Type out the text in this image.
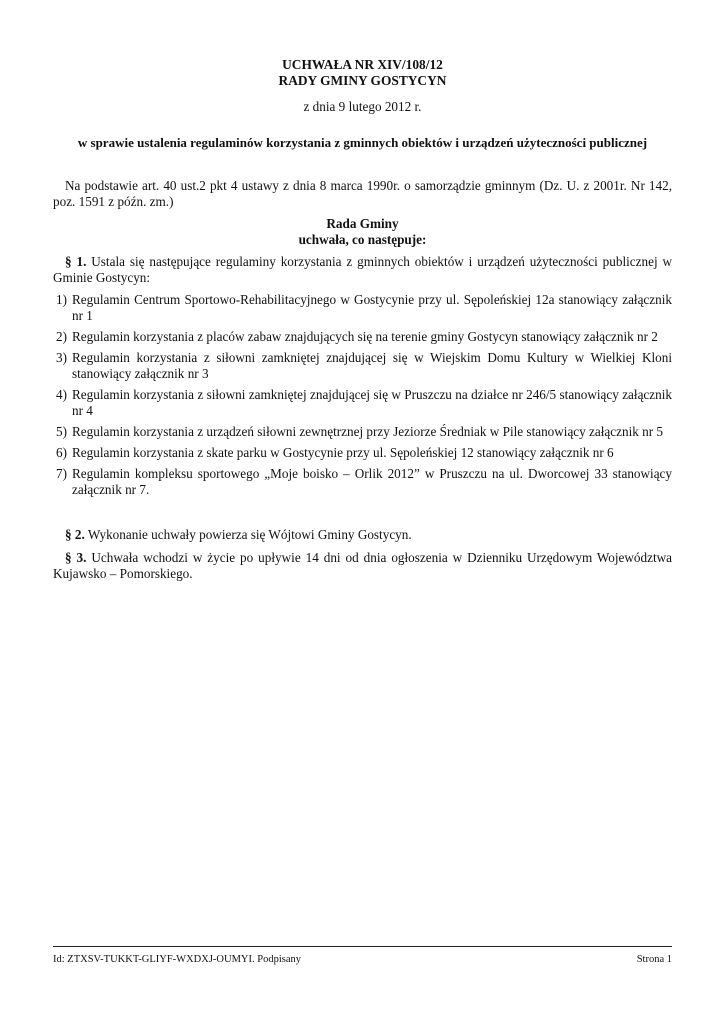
UCHWAŁA NR XIV/108/12
RADY GMINY GOSTYCYN
z dnia 9 lutego 2012 r.
w sprawie ustalenia regulaminów korzystania z gminnych obiektów i urządzeń użyteczności publicznej
Na podstawie art. 40 ust.2 pkt 4 ustawy z dnia 8 marca 1990r. o samorządzie gminnym (Dz. U. z 2001r. Nr 142, poz. 1591 z późn. zm.)
Rada Gminy
uchwała, co następuje:
§ 1. Ustala się następujące regulaminy korzystania z gminnych obiektów i urządzeń użyteczności publicznej w Gminie Gostycyn:
1) Regulamin Centrum Sportowo-Rehabilitacyjnego w Gostycynie przy ul. Sępoleńskiej 12a stanowiący załącznik nr 1
2) Regulamin korzystania z placów zabaw znajdujących się na terenie gminy Gostycyn stanowiący załącznik nr 2
3) Regulamin korzystania z siłowni zamkniętej znajdującej się w Wiejskim Domu Kultury w Wielkiej Kloni stanowiący załącznik nr 3
4) Regulamin korzystania z siłowni zamkniętej znajdującej się w Pruszczu na działce nr 246/5 stanowiący załącznik nr 4
5) Regulamin korzystania z urządzeń siłowni zewnętrznej przy Jeziorze Średniak w Pile stanowiący załącznik nr 5
6) Regulamin korzystania z skate parku w Gostycynie przy ul. Sępoleńskiej 12 stanowiący załącznik nr 6
7) Regulamin kompleksu sportowego „Moje boisko – Orlik 2012” w Pruszczu na ul. Dworcowej 33 stanowiący załącznik nr 7.
§ 2. Wykonanie uchwały powierza się Wójtowi Gminy Gostycyn.
§ 3. Uchwała wchodzi w życie po upływie 14 dni od dnia ogłoszenia w Dzienniku Urzędowym Województwa Kujawsko – Pomorskiego.
Id: ZTXSV-TUKKT-GLIYF-WXDXJ-OUMYI. Podpisany	Strona 1
